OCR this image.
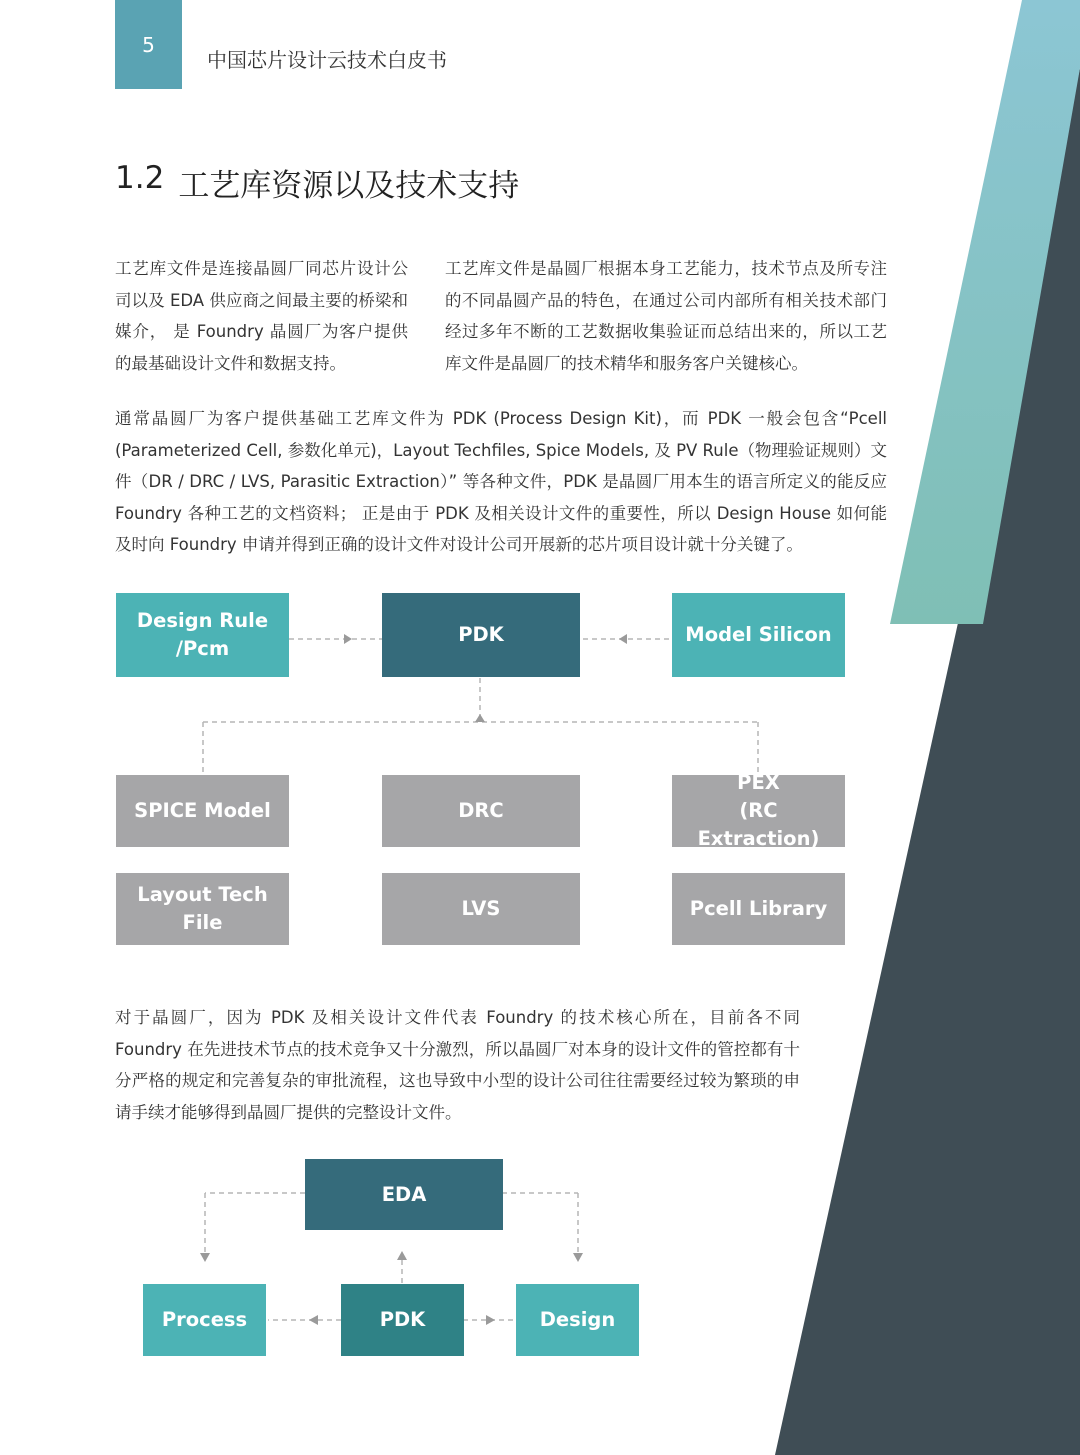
5
中国芯片设计云技术白皮书
1.2 工艺库资源以及技术支持

工艺库文件是连接晶圆厂同芯片设计公司以及 EDA 供应商之间最主要的桥梁和媒介， 是 Foundry 晶圆厂为客户提供的最基础设计文件和数据支持。

工艺库文件是晶圆厂根据本身工艺能力，技术节点及所专注的不同晶圆产品的特色，在通过公司内部所有相关技术部门经过多年不断的工艺数据收集验证而总结出来的，所以工艺库文件是晶圆厂的技术精华和服务客户关键核心。

通常晶圆厂为客户提供基础工艺库文件为 PDK (Process Design Kit)，而 PDK 一般会包含“Pcell (Parameterized Cell, 参数化单元)，Layout Techfiles, Spice Models, 及 PV Rule（物理验证规则）文件（DR / DRC / LVS, Parasitic Extraction）” 等各种文件，PDK 是晶圆厂用本生的语言所定义的能反应 Foundry 各种工艺的文档资料； 正是由于 PDK 及相关设计文件的重要性，所以 Design House 如何能及时向 Foundry 申请并得到正确的设计文件对设计公司开展新的芯片项目设计就十分关键了。

Design Rule
/Pcm
PDK	Model Silicon
SPICE Model	DRC
PEX
(RC Extraction)
Layout Tech
File
LVS	Pcell Library

对于晶圆厂，因为 PDK 及相关设计文件代表 Foundry 的技术核心所在，目前各不同 Foundry 在先进技术节点的技术竞争又十分激烈，所以晶圆厂对本身的设计文件的管控都有十分严格的规定和完善复杂的审批流程，这也导致中小型的设计公司往往需要经过较为繁琐的申请手续才能够得到晶圆厂提供的完整设计文件。

EDA
Process	PDK	Design
